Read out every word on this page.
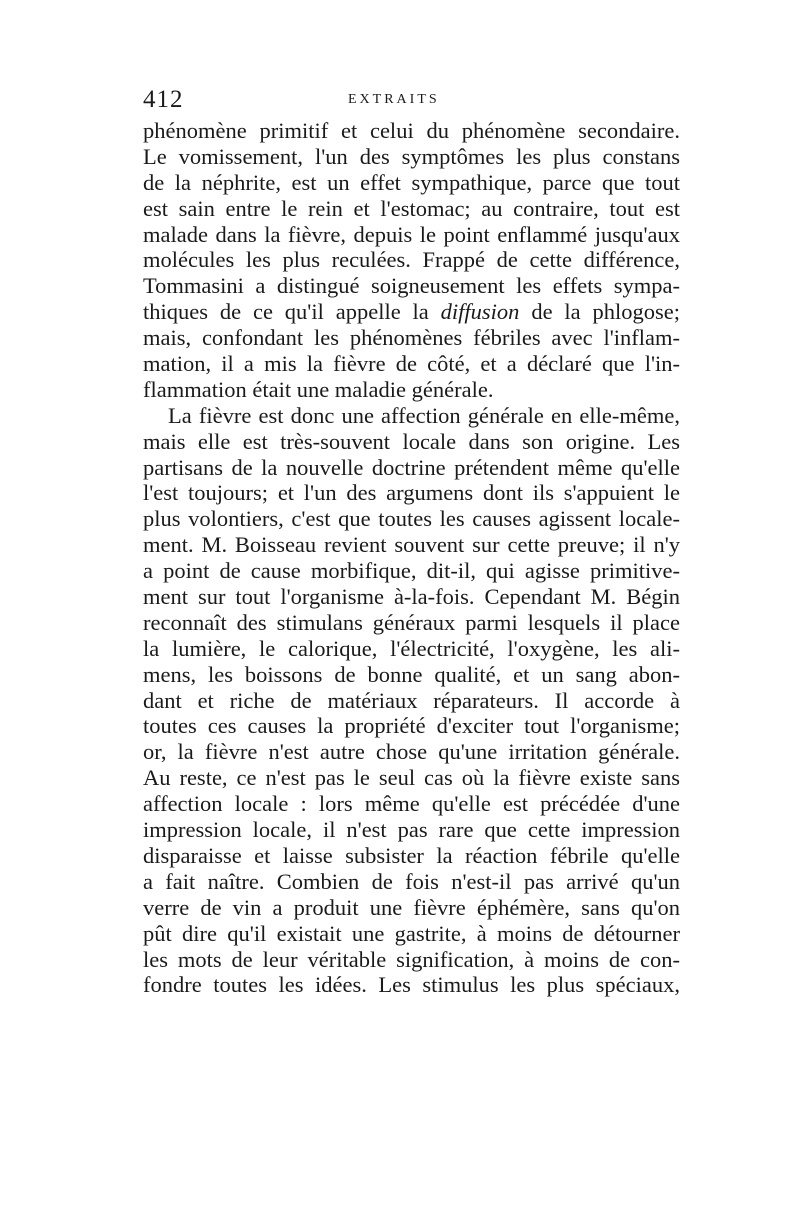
412	EXTRAITS
phénomène primitif et celui du phénomène secondaire.
Le vomissement, l'un des symptômes les plus constans
de la néphrite, est un effet sympathique, parce que tout
est sain entre le rein et l'estomac; au contraire, tout est
malade dans la fièvre, depuis le point enflammé jusqu'aux
molécules les plus reculées. Frappé de cette différence,
Tommasini a distingué soigneusement les effets sympa-
thiques de ce qu'il appelle la diffusion de la phlogose;
mais, confondant les phénomènes fébriles avec l'inflam-
mation, il a mis la fièvre de côté, et a déclaré que l'in-
flammation était une maladie générale.
La fièvre est donc une affection générale en elle-même,
mais elle est très-souvent locale dans son origine. Les
partisans de la nouvelle doctrine prétendent même qu'elle
l'est toujours; et l'un des argumens dont ils s'appuient le
plus volontiers, c'est que toutes les causes agissent locale-
ment. M. Boisseau revient souvent sur cette preuve; il n'y
a point de cause morbifique, dit-il, qui agisse primitive-
ment sur tout l'organisme à-la-fois. Cependant M. Bégin
reconnaît des stimulans généraux parmi lesquels il place
la lumière, le calorique, l'électricité, l'oxygène, les ali-
mens, les boissons de bonne qualité, et un sang abon-
dant et riche de matériaux réparateurs. Il accorde à
toutes ces causes la propriété d'exciter tout l'organisme;
or, la fièvre n'est autre chose qu'une irritation générale.
Au reste, ce n'est pas le seul cas où la fièvre existe sans
affection locale : lors même qu'elle est précédée d'une
impression locale, il n'est pas rare que cette impression
disparaisse et laisse subsister la réaction fébrile qu'elle
a fait naître. Combien de fois n'est-il pas arrivé qu'un
verre de vin a produit une fièvre éphémère, sans qu'on
pût dire qu'il existait une gastrite, à moins de détourner
les mots de leur véritable signification, à moins de con-
fondre toutes les idées. Les stimulus les plus spéciaux,
